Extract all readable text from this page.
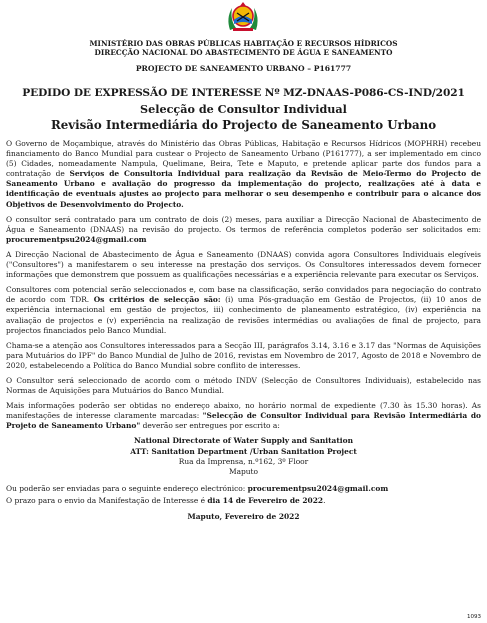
MINISTÉRIO DAS OBRAS PÚBLICAS HABITAÇÃO E RECURSOS HÍDRICOS
DIRECÇÃO NACIONAL DO ABASTECIMENTO DE ÁGUA E SANEAMENTO
PROJECTO DE SANEAMENTO URBANO – P161777
PEDIDO DE EXPRESSÃO DE INTERESSE Nº MZ-DNAAS-P086-CS-IND/2021
Selecção de Consultor Individual
Revisão Intermediária do Projecto de Saneamento Urbano

O Governo de Moçambique, através do Ministério das Obras Públicas, Habitação e Recursos Hídricos (MOPHRH) recebeu financiamento do Banco Mundial para custear o Projecto de Saneamento Urbano (P161777), a ser implementado em cinco (5) Cidades, nomeadamente Nampula, Quelimane, Beira, Tete e Maputo, e pretende aplicar parte dos fundos para a contratação de Serviços de Consultoria Individual para realização da Revisão de Meio-Termo do Projecto de Saneamento Urbano e avaliação do progresso da implementação do projecto, realizações até à data e identificação de eventuais ajustes ao projecto para melhorar o seu desempenho e contribuir para o alcance dos Objetivos de Desenvolvimento do Projecto.

O consultor será contratado para um contrato de dois (2) meses, para auxiliar a Direcção Nacional de Abastecimento de Água e Saneamento (DNAAS) na revisão do projecto. Os termos de referência completos poderão ser solicitados em: procurementpsu2024@gmail.com

A Direcção Nacional de Abastecimento de Água e Saneamento (DNAAS) convida agora Consultores Individuais elegíveis ("Consultores") a manifestarem o seu interesse na prestação dos serviços. Os Consultores interessados devem fornecer informações que demonstrem que possuem as qualificações necessárias e a experiência relevante para executar os Serviços.

Consultores com potencial serão seleccionados e, com base na classificação, serão convidados para negociação do contrato de acordo com TDR. Os critérios de selecção são: (i) uma Pós-graduação em Gestão de Projectos, (ii) 10 anos de experiência internacional em gestão de projectos, iii) conhecimento de planeamento estratégico, (iv) experiência na avaliação de projectos e (v) experiência na realização de revisões intermédias ou avaliações de final de projecto, para projectos financiados pelo Banco Mundial.

Chama-se a atenção aos Consultores interessados para a Secção III, parágrafos 3.14, 3.16 e 3.17 das "Normas de Aquisições para Mutuários do IPF" do Banco Mundial de Julho de 2016, revistas em Novembro de 2017, Agosto de 2018 e Novembro de 2020, estabelecendo a Política do Banco Mundial sobre conflito de interesses.

O Consultor será seleccionado de acordo com o método INDV (Selecção de Consultores Individuais), estabelecido nas Normas de Aquisições para Mutuários do Banco Mundial.

Mais informações poderão ser obtidas no endereço abaixo, no horário normal de expediente (7.30 às 15.30 horas). As manifestações de interesse claramente marcadas: "Selecção de Consultor Individual para Revisão Intermediária do Projeto de Saneamento Urbano" deverão ser entregues por escrito a:

National Directorate of Water Supply and Sanitation
ATT: Sanitation Department /Urban Sanitation Project
Rua da Imprensa, n.º162, 3º Floor
Maputo

Ou poderão ser enviadas para o seguinte endereço electrónico: procurementpsu2024@gmail.com

O prazo para o envio da Manifestação de Interesse é dia 14 de Fevereiro de 2022.

Maputo, Fevereiro de 2022
1093
